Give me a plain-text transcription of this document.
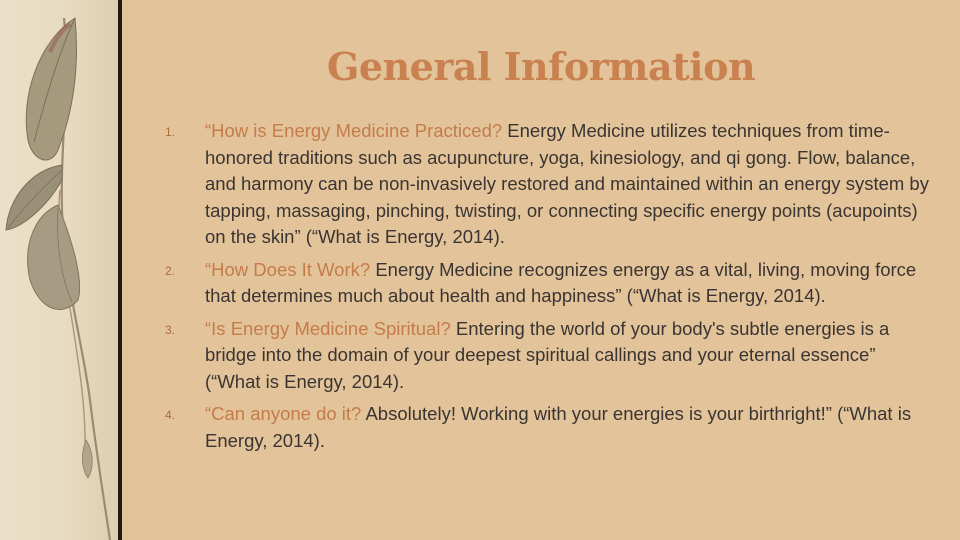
General Information
1. “How is Energy Medicine Practiced? Energy Medicine utilizes techniques from time-honored traditions such as acupuncture, yoga, kinesiology, and qi gong. Flow, balance, and harmony can be non-invasively restored and maintained within an energy system by tapping, massaging, pinching, twisting, or connecting specific energy points (acupoints) on the skin” (“What is Energy, 2014).
2. “How Does It Work? Energy Medicine recognizes energy as a vital, living, moving force that determines much about health and happiness” (“What is Energy, 2014).
3. “Is Energy Medicine Spiritual? Entering the world of your body's subtle energies is a bridge into the domain of your deepest spiritual callings and your eternal essence” (“What is Energy, 2014).
4. “Can anyone do it? Absolutely! Working with your energies is your birthright!” (“What is Energy, 2014).
